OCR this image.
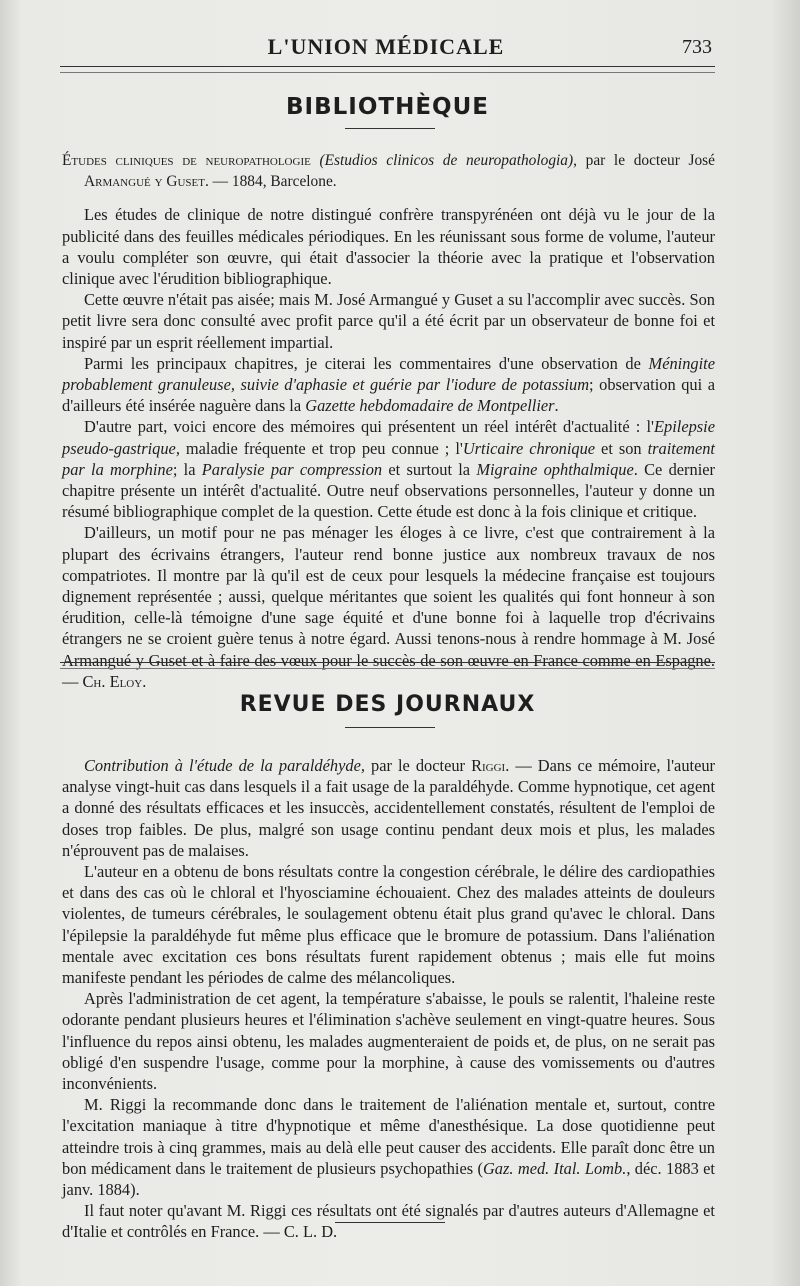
L'UNION MÉDICALE	733
BIBLIOTHÈQUE

Études cliniques de neuropathologie (Estudios clinicos de neuropathologia), par le docteur José Armangué y Guset. — 1884, Barcelone.

Les études de clinique de notre distingué confrère transpyrénéen ont déjà vu le jour de la publicité dans des feuilles médicales périodiques. En les réunissant sous forme de volume, l'auteur a voulu compléter son œuvre, qui était d'associer la théorie avec la pratique et l'observation clinique avec l'érudition bibliographique.

Cette œuvre n'était pas aisée; mais M. José Armangué y Guset a su l'accomplir avec succès. Son petit livre sera donc consulté avec profit parce qu'il a été écrit par un observateur de bonne foi et inspiré par un esprit réellement impartial.

Parmi les principaux chapitres, je citerai les commentaires d'une observation de Méningite probablement granuleuse, suivie d'aphasie et guérie par l'iodure de potassium; observation qui a d'ailleurs été insérée naguère dans la Gazette hebdomadaire de Montpellier.

D'autre part, voici encore des mémoires qui présentent un réel intérêt d'actualité : l'Epilepsie pseudo-gastrique, maladie fréquente et trop peu connue ; l'Urticaire chronique et son traitement par la morphine; la Paralysie par compression et surtout la Migraine ophthalmique. Ce dernier chapitre présente un intérêt d'actualité. Outre neuf observations personnelles, l'auteur y donne un résumé bibliographique complet de la question. Cette étude est donc à la fois clinique et critique.

D'ailleurs, un motif pour ne pas ménager les éloges à ce livre, c'est que contrairement à la plupart des écrivains étrangers, l'auteur rend bonne justice aux nombreux travaux de nos compatriotes. Il montre par là qu'il est de ceux pour lesquels la médecine française est toujours dignement représentée ; aussi, quelque méritantes que soient les qualités qui font honneur à son érudition, celle-là témoigne d'une sage équité et d'une bonne foi à laquelle trop d'écrivains étrangers ne se croient guère tenus à notre égard. Aussi tenons-nous à rendre hommage à M. José Armangué y Guset et à faire des vœux pour le succès de son œuvre en France comme en Espagne. — Ch. Eloy.

REVUE DES JOURNAUX

Contribution à l'étude de la paraldéhyde, par le docteur Riggi. — Dans ce mémoire, l'auteur analyse vingt-huit cas dans lesquels il a fait usage de la paraldéhyde. Comme hypnotique, cet agent a donné des résultats efficaces et les insuccès, accidentellement constatés, résultent de l'emploi de doses trop faibles. De plus, malgré son usage continu pendant deux mois et plus, les malades n'éprouvent pas de malaises.

L'auteur en a obtenu de bons résultats contre la congestion cérébrale, le délire des cardiopathies et dans des cas où le chloral et l'hyosciamine échouaient. Chez des malades atteints de douleurs violentes, de tumeurs cérébrales, le soulagement obtenu était plus grand qu'avec le chloral. Dans l'épilepsie la paraldéhyde fut même plus efficace que le bromure de potassium. Dans l'aliénation mentale avec excitation ces bons résultats furent rapidement obtenus ; mais elle fut moins manifeste pendant les périodes de calme des mélancoliques.

Après l'administration de cet agent, la température s'abaisse, le pouls se ralentit, l'haleine reste odorante pendant plusieurs heures et l'élimination s'achève seulement en vingt-quatre heures. Sous l'influence du repos ainsi obtenu, les malades augmenteraient de poids et, de plus, on ne serait pas obligé d'en suspendre l'usage, comme pour la morphine, à cause des vomissements ou d'autres inconvénients.

M. Riggi la recommande donc dans le traitement de l'aliénation mentale et, surtout, contre l'excitation maniaque à titre d'hypnotique et même d'anesthésique. La dose quotidienne peut atteindre trois à cinq grammes, mais au delà elle peut causer des accidents. Elle paraît donc être un bon médicament dans le traitement de plusieurs psychopathies (Gaz. med. Ital. Lomb., déc. 1883 et janv. 1884).

Il faut noter qu'avant M. Riggi ces résultats ont été signalés par d'autres auteurs d'Allemagne et d'Italie et contrôlés en France. — C. L. D.
